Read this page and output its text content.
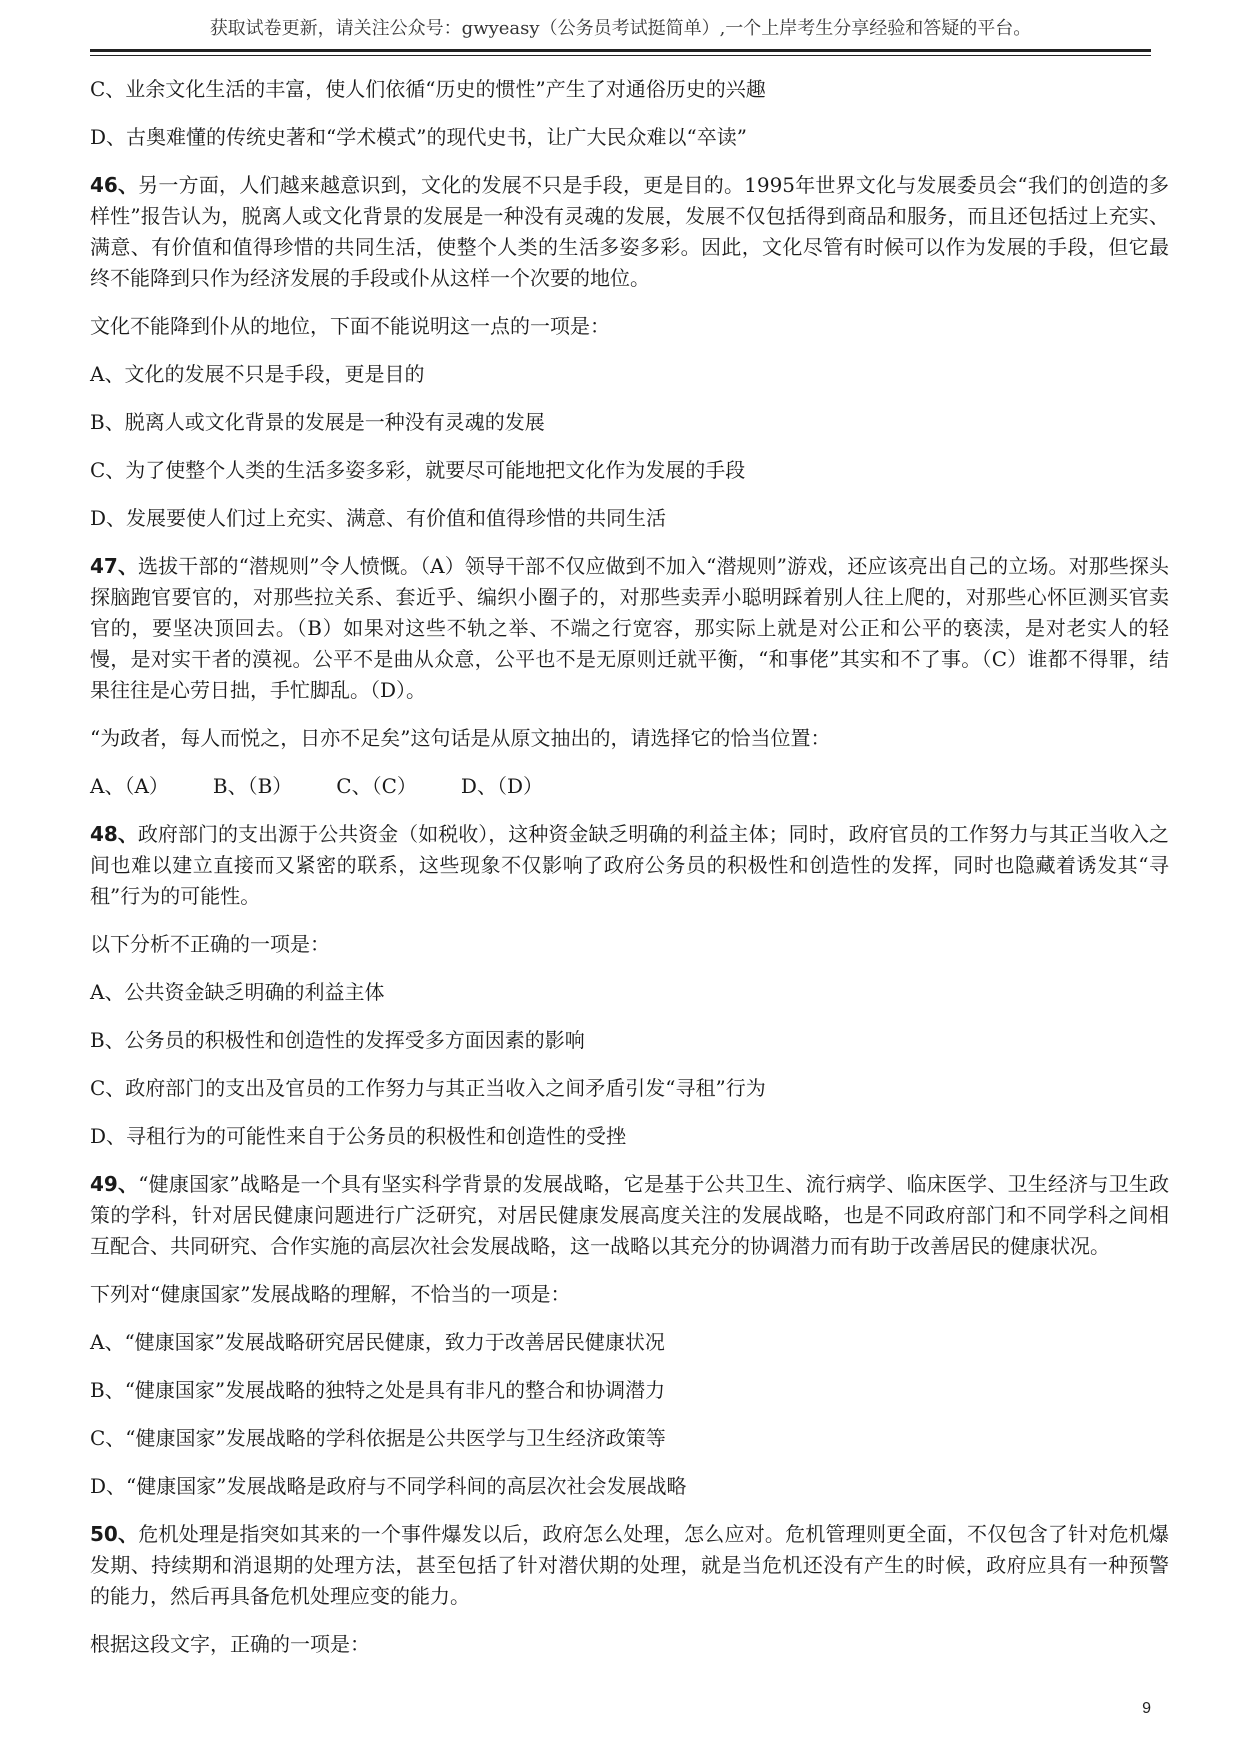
获取试卷更新，请关注公众号：gwyeasy（公务员考试挺简单）,一个上岸考生分享经验和答疑的平台。

C、业余文化生活的丰富，使人们依循“历史的惯性”产生了对通俗历史的兴趣

D、古奥难懂的传统史著和“学术模式”的现代史书，让广大民众难以“卒读”

46、另一方面，人们越来越意识到，文化的发展不只是手段，更是目的。1995年世界文化与发展委员会“我们的创造的多样性”报告认为，脱离人或文化背景的发展是一种没有灵魂的发展，发展不仅包括得到商品和服务，而且还包括过上充实、满意、有价值和值得珍惜的共同生活，使整个人类的生活多姿多彩。因此，文化尽管有时候可以作为发展的手段，但它最终不能降到只作为经济发展的手段或仆从这样一个次要的地位。

文化不能降到仆从的地位，下面不能说明这一点的一项是：

A、文化的发展不只是手段，更是目的

B、脱离人或文化背景的发展是一种没有灵魂的发展

C、为了使整个人类的生活多姿多彩，就要尽可能地把文化作为发展的手段

D、发展要使人们过上充实、满意、有价值和值得珍惜的共同生活

47、选拔干部的“潜规则”令人愤慨。（A）领导干部不仅应做到不加入“潜规则”游戏，还应该亮出自己的立场。对那些探头探脑跑官要官的，对那些拉关系、套近乎、编织小圈子的，对那些卖弄小聪明踩着别人往上爬的，对那些心怀叵测买官卖官的，要坚决顶回去。（B）如果对这些不轨之举、不端之行宽容，那实际上就是对公正和公平的亵渎，是对老实人的轻慢，是对实干者的漠视。公平不是曲从众意，公平也不是无原则迁就平衡，“和事佬”其实和不了事。（C）谁都不得罪，结果往往是心劳日拙，手忙脚乱。（D）。

“为政者，每人而悦之，日亦不足矣”这句话是从原文抽出的，请选择它的恰当位置：

A、（A） B、（B） C、（C） D、（D）

48、政府部门的支出源于公共资金（如税收），这种资金缺乏明确的利益主体；同时，政府官员的工作努力与其正当收入之间也难以建立直接而又紧密的联系，这些现象不仅影响了政府公务员的积极性和创造性的发挥，同时也隐藏着诱发其“寻租”行为的可能性。

以下分析不正确的一项是：

A、公共资金缺乏明确的利益主体

B、公务员的积极性和创造性的发挥受多方面因素的影响

C、政府部门的支出及官员的工作努力与其正当收入之间矛盾引发“寻租”行为

D、寻租行为的可能性来自于公务员的积极性和创造性的受挫

49、“健康国家”战略是一个具有坚实科学背景的发展战略，它是基于公共卫生、流行病学、临床医学、卫生经济与卫生政策的学科，针对居民健康问题进行广泛研究，对居民健康发展高度关注的发展战略，也是不同政府部门和不同学科之间相互配合、共同研究、合作实施的高层次社会发展战略，这一战略以其充分的协调潜力而有助于改善居民的健康状况。

下列对“健康国家”发展战略的理解，不恰当的一项是：

A、“健康国家”发展战略研究居民健康，致力于改善居民健康状况

B、“健康国家”发展战略的独特之处是具有非凡的整合和协调潜力

C、“健康国家”发展战略的学科依据是公共医学与卫生经济政策等

D、“健康国家”发展战略是政府与不同学科间的高层次社会发展战略

50、危机处理是指突如其来的一个事件爆发以后，政府怎么处理，怎么应对。危机管理则更全面，不仅包含了针对危机爆发期、持续期和消退期的处理方法，甚至包括了针对潜伏期的处理，就是当危机还没有产生的时候，政府应具有一种预警的能力，然后再具备危机处理应变的能力。

根据这段文字，正确的一项是：

9
